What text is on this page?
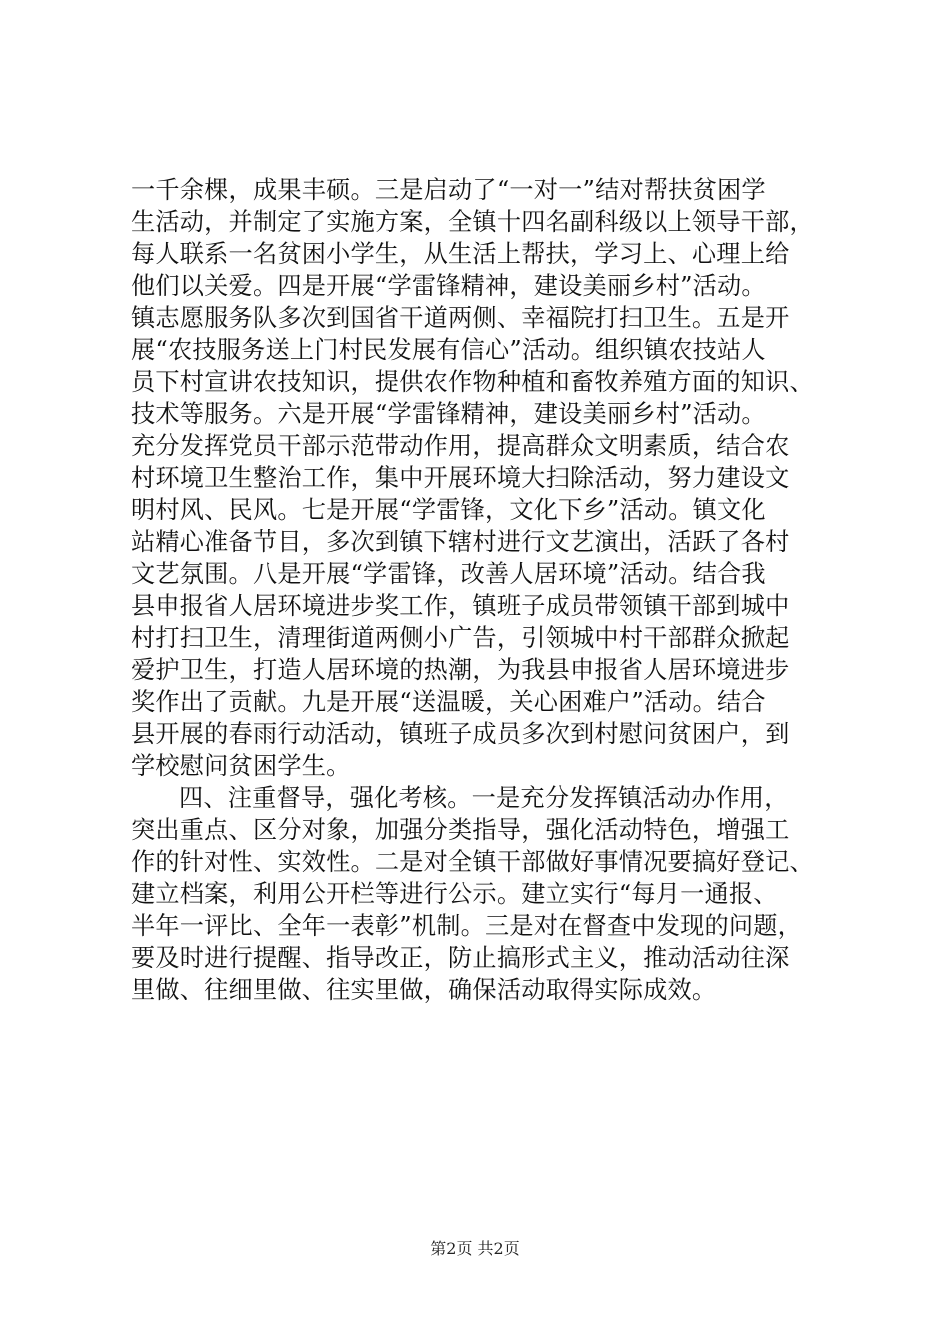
一千余棵，成果丰硕。三是启动了“一对一”结对帮扶贫困学
生活动，并制定了实施方案，全镇十四名副科级以上领导干部，
每人联系一名贫困小学生，从生活上帮扶，学习上、心理上给
他们以关爱。四是开展“学雷锋精神，建设美丽乡村”活动。
镇志愿服务队多次到国省干道两侧、幸福院打扫卫生。五是开
展“农技服务送上门村民发展有信心”活动。组织镇农技站人
员下村宣讲农技知识，提供农作物种植和畜牧养殖方面的知识、
技术等服务。六是开展“学雷锋精神，建设美丽乡村”活动。
充分发挥党员干部示范带动作用，提高群众文明素质，结合农
村环境卫生整治工作，集中开展环境大扫除活动，努力建设文
明村风、民风。七是开展“学雷锋，文化下乡”活动。镇文化
站精心准备节目，多次到镇下辖村进行文艺演出，活跃了各村
文艺氛围。八是开展“学雷锋，改善人居环境”活动。结合我
县申报省人居环境进步奖工作，镇班子成员带领镇干部到城中
村打扫卫生，清理街道两侧小广告，引领城中村干部群众掀起
爱护卫生，打造人居环境的热潮，为我县申报省人居环境进步
奖作出了贡献。九是开展“送温暖，关心困难户”活动。结合
县开展的春雨行动活动，镇班子成员多次到村慰问贫困户，到
学校慰问贫困学生。
四、注重督导，强化考核。一是充分发挥镇活动办作用，
突出重点、区分对象，加强分类指导，强化活动特色，增强工
作的针对性、实效性。二是对全镇干部做好事情况要搞好登记、
建立档案，利用公开栏等进行公示。建立实行“每月一通报、
半年一评比、全年一表彰”机制。三是对在督查中发现的问题，
要及时进行提醒、指导改正，防止搞形式主义，推动活动往深
里做、往细里做、往实里做，确保活动取得实际成效。
第2页 共2页
